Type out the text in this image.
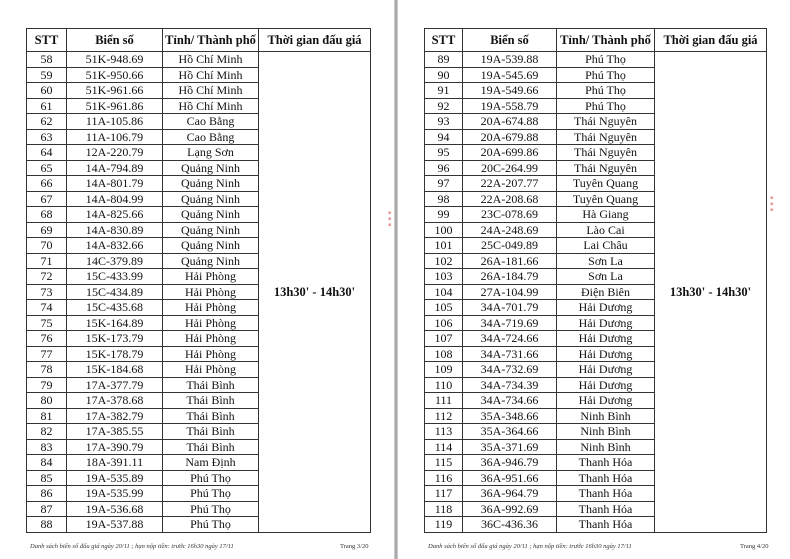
STT	Biển số	Tỉnh/ Thành phố	Thời gian đấu giá
58	51K-948.69	Hồ Chí Minh	13h30' - 14h30'
59	51K-950.66	Hồ Chí Minh	
60	51K-961.66	Hồ Chí Minh	
61	51K-961.86	Hồ Chí Minh	
62	11A-105.86	Cao Bằng	
63	11A-106.79	Cao Bằng	
64	12A-220.79	Lạng Sơn	
65	14A-794.89	Quảng Ninh	
66	14A-801.79	Quảng Ninh	
67	14A-804.99	Quảng Ninh	
68	14A-825.66	Quảng Ninh	
69	14A-830.89	Quảng Ninh	
70	14A-832.66	Quảng Ninh	
71	14C-379.89	Quảng Ninh	
72	15C-433.99	Hải Phòng	
73	15C-434.89	Hải Phòng	
74	15C-435.68	Hải Phòng	
75	15K-164.89	Hải Phòng	
76	15K-173.79	Hải Phòng	
77	15K-178.79	Hải Phòng	
78	15K-184.68	Hải Phòng	
79	17A-377.79	Thái Bình	
80	17A-378.68	Thái Bình	
81	17A-382.79	Thái Bình	
82	17A-385.55	Thái Bình	
83	17A-390.79	Thái Bình	
84	18A-391.11	Nam Định	
85	19A-535.89	Phú Thọ	
86	19A-535.99	Phú Thọ	
87	19A-536.68	Phú Thọ	
88	19A-537.88	Phú Thọ	
Danh sách biển số đấu giá ngày 20/11 ; hạn nộp tiền: trước 16h30 ngày 17/11	Trang 3/20
▪
▪
▪
STT	Biển số	Tỉnh/ Thành phố	Thời gian đấu giá
89	19A-539.88	Phú Thọ	13h30' - 14h30'
90	19A-545.69	Phú Thọ	
91	19A-549.66	Phú Thọ	
92	19A-558.79	Phú Thọ	
93	20A-674.88	Thái Nguyên	
94	20A-679.88	Thái Nguyên	
95	20A-699.86	Thái Nguyên	
96	20C-264.99	Thái Nguyên	
97	22A-207.77	Tuyên Quang	
98	22A-208.68	Tuyên Quang	
99	23C-078.69	Hà Giang	
100	24A-248.69	Lào Cai	
101	25C-049.89	Lai Châu	
102	26A-181.66	Sơn La	
103	26A-184.79	Sơn La	
104	27A-104.99	Điện Biên	
105	34A-701.79	Hải Dương	
106	34A-719.69	Hải Dương	
107	34A-724.66	Hải Dương	
108	34A-731.66	Hải Dương	
109	34A-732.69	Hải Dương	
110	34A-734.39	Hải Dương	
111	34A-734.66	Hải Dương	
112	35A-348.66	Ninh Bình	
113	35A-364.66	Ninh Bình	
114	35A-371.69	Ninh Bình	
115	36A-946.79	Thanh Hóa	
116	36A-951.66	Thanh Hóa	
117	36A-964.79	Thanh Hóa	
118	36A-992.69	Thanh Hóa	
119	36C-436.36	Thanh Hóa	
Danh sách biển số đấu giá ngày 20/11 ; hạn nộp tiền: trước 16h30 ngày 17/11	Trang 4/20
▪
▪
▪
